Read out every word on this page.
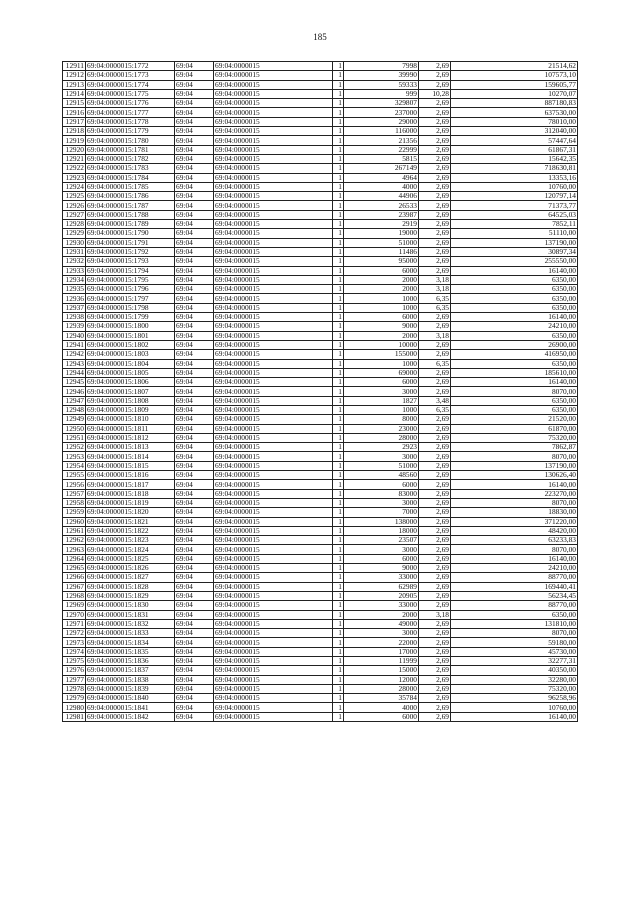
185
12911	69:04:0000015:1772	69:04	69:04:0000015	1	7998	2,69	21514,62
12912	69:04:0000015:1773	69:04	69:04:0000015	1	39990	2,69	107573,10
12913	69:04:0000015:1774	69:04	69:04:0000015	1	59333	2,69	159605,77
12914	69:04:0000015:1775	69:04	69:04:0000015	1	999	10,28	10270,07
12915	69:04:0000015:1776	69:04	69:04:0000015	1	329807	2,69	887180,83
12916	69:04:0000015:1777	69:04	69:04:0000015	1	237000	2,69	637530,00
12917	69:04:0000015:1778	69:04	69:04:0000015	1	29000	2,69	78010,00
12918	69:04:0000015:1779	69:04	69:04:0000015	1	116000	2,69	312040,00
12919	69:04:0000015:1780	69:04	69:04:0000015	1	21356	2,69	57447,64
12920	69:04:0000015:1781	69:04	69:04:0000015	1	22999	2,69	61867,31
12921	69:04:0000015:1782	69:04	69:04:0000015	1	5815	2,69	15642,35
12922	69:04:0000015:1783	69:04	69:04:0000015	1	267149	2,69	718630,81
12923	69:04:0000015:1784	69:04	69:04:0000015	1	4964	2,69	13353,16
12924	69:04:0000015:1785	69:04	69:04:0000015	1	4000	2,69	10760,00
12925	69:04:0000015:1786	69:04	69:04:0000015	1	44906	2,69	120797,14
12926	69:04:0000015:1787	69:04	69:04:0000015	1	26533	2,69	71373,77
12927	69:04:0000015:1788	69:04	69:04:0000015	1	23987	2,69	64525,03
12928	69:04:0000015:1789	69:04	69:04:0000015	1	2919	2,69	7852,11
12929	69:04:0000015:1790	69:04	69:04:0000015	1	19000	2,69	51110,00
12930	69:04:0000015:1791	69:04	69:04:0000015	1	51000	2,69	137190,00
12931	69:04:0000015:1792	69:04	69:04:0000015	1	11486	2,69	30897,34
12932	69:04:0000015:1793	69:04	69:04:0000015	1	95000	2,69	255550,00
12933	69:04:0000015:1794	69:04	69:04:0000015	1	6000	2,69	16140,00
12934	69:04:0000015:1795	69:04	69:04:0000015	1	2000	3,18	6350,00
12935	69:04:0000015:1796	69:04	69:04:0000015	1	2000	3,18	6350,00
12936	69:04:0000015:1797	69:04	69:04:0000015	1	1000	6,35	6350,00
12937	69:04:0000015:1798	69:04	69:04:0000015	1	1000	6,35	6350,00
12938	69:04:0000015:1799	69:04	69:04:0000015	1	6000	2,69	16140,00
12939	69:04:0000015:1800	69:04	69:04:0000015	1	9000	2,69	24210,00
12940	69:04:0000015:1801	69:04	69:04:0000015	1	2000	3,18	6350,00
12941	69:04:0000015:1802	69:04	69:04:0000015	1	10000	2,69	26900,00
12942	69:04:0000015:1803	69:04	69:04:0000015	1	155000	2,69	416950,00
12943	69:04:0000015:1804	69:04	69:04:0000015	1	1000	6,35	6350,00
12944	69:04:0000015:1805	69:04	69:04:0000015	1	69000	2,69	185610,00
12945	69:04:0000015:1806	69:04	69:04:0000015	1	6000	2,69	16140,00
12946	69:04:0000015:1807	69:04	69:04:0000015	1	3000	2,69	8070,00
12947	69:04:0000015:1808	69:04	69:04:0000015	1	1827	3,48	6350,00
12948	69:04:0000015:1809	69:04	69:04:0000015	1	1000	6,35	6350,00
12949	69:04:0000015:1810	69:04	69:04:0000015	1	8000	2,69	21520,00
12950	69:04:0000015:1811	69:04	69:04:0000015	1	23000	2,69	61870,00
12951	69:04:0000015:1812	69:04	69:04:0000015	1	28000	2,69	75320,00
12952	69:04:0000015:1813	69:04	69:04:0000015	1	2923	2,69	7862,87
12953	69:04:0000015:1814	69:04	69:04:0000015	1	3000	2,69	8070,00
12954	69:04:0000015:1815	69:04	69:04:0000015	1	51000	2,69	137190,00
12955	69:04:0000015:1816	69:04	69:04:0000015	1	48560	2,69	130626,40
12956	69:04:0000015:1817	69:04	69:04:0000015	1	6000	2,69	16140,00
12957	69:04:0000015:1818	69:04	69:04:0000015	1	83000	2,69	223270,00
12958	69:04:0000015:1819	69:04	69:04:0000015	1	3000	2,69	8070,00
12959	69:04:0000015:1820	69:04	69:04:0000015	1	7000	2,69	18830,00
12960	69:04:0000015:1821	69:04	69:04:0000015	1	138000	2,69	371220,00
12961	69:04:0000015:1822	69:04	69:04:0000015	1	18000	2,69	48420,00
12962	69:04:0000015:1823	69:04	69:04:0000015	1	23507	2,69	63233,83
12963	69:04:0000015:1824	69:04	69:04:0000015	1	3000	2,69	8070,00
12964	69:04:0000015:1825	69:04	69:04:0000015	1	6000	2,69	16140,00
12965	69:04:0000015:1826	69:04	69:04:0000015	1	9000	2,69	24210,00
12966	69:04:0000015:1827	69:04	69:04:0000015	1	33000	2,69	88770,00
12967	69:04:0000015:1828	69:04	69:04:0000015	1	62989	2,69	169440,41
12968	69:04:0000015:1829	69:04	69:04:0000015	1	20905	2,69	56234,45
12969	69:04:0000015:1830	69:04	69:04:0000015	1	33000	2,69	88770,00
12970	69:04:0000015:1831	69:04	69:04:0000015	1	2000	3,18	6350,00
12971	69:04:0000015:1832	69:04	69:04:0000015	1	49000	2,69	131810,00
12972	69:04:0000015:1833	69:04	69:04:0000015	1	3000	2,69	8070,00
12973	69:04:0000015:1834	69:04	69:04:0000015	1	22000	2,69	59180,00
12974	69:04:0000015:1835	69:04	69:04:0000015	1	17000	2,69	45730,00
12975	69:04:0000015:1836	69:04	69:04:0000015	1	11999	2,69	32277,31
12976	69:04:0000015:1837	69:04	69:04:0000015	1	15000	2,69	40350,00
12977	69:04:0000015:1838	69:04	69:04:0000015	1	12000	2,69	32280,00
12978	69:04:0000015:1839	69:04	69:04:0000015	1	28000	2,69	75320,00
12979	69:04:0000015:1840	69:04	69:04:0000015	1	35784	2,69	96258,96
12980	69:04:0000015:1841	69:04	69:04:0000015	1	4000	2,69	10760,00
12981	69:04:0000015:1842	69:04	69:04:0000015	1	6000	2,69	16140,00
